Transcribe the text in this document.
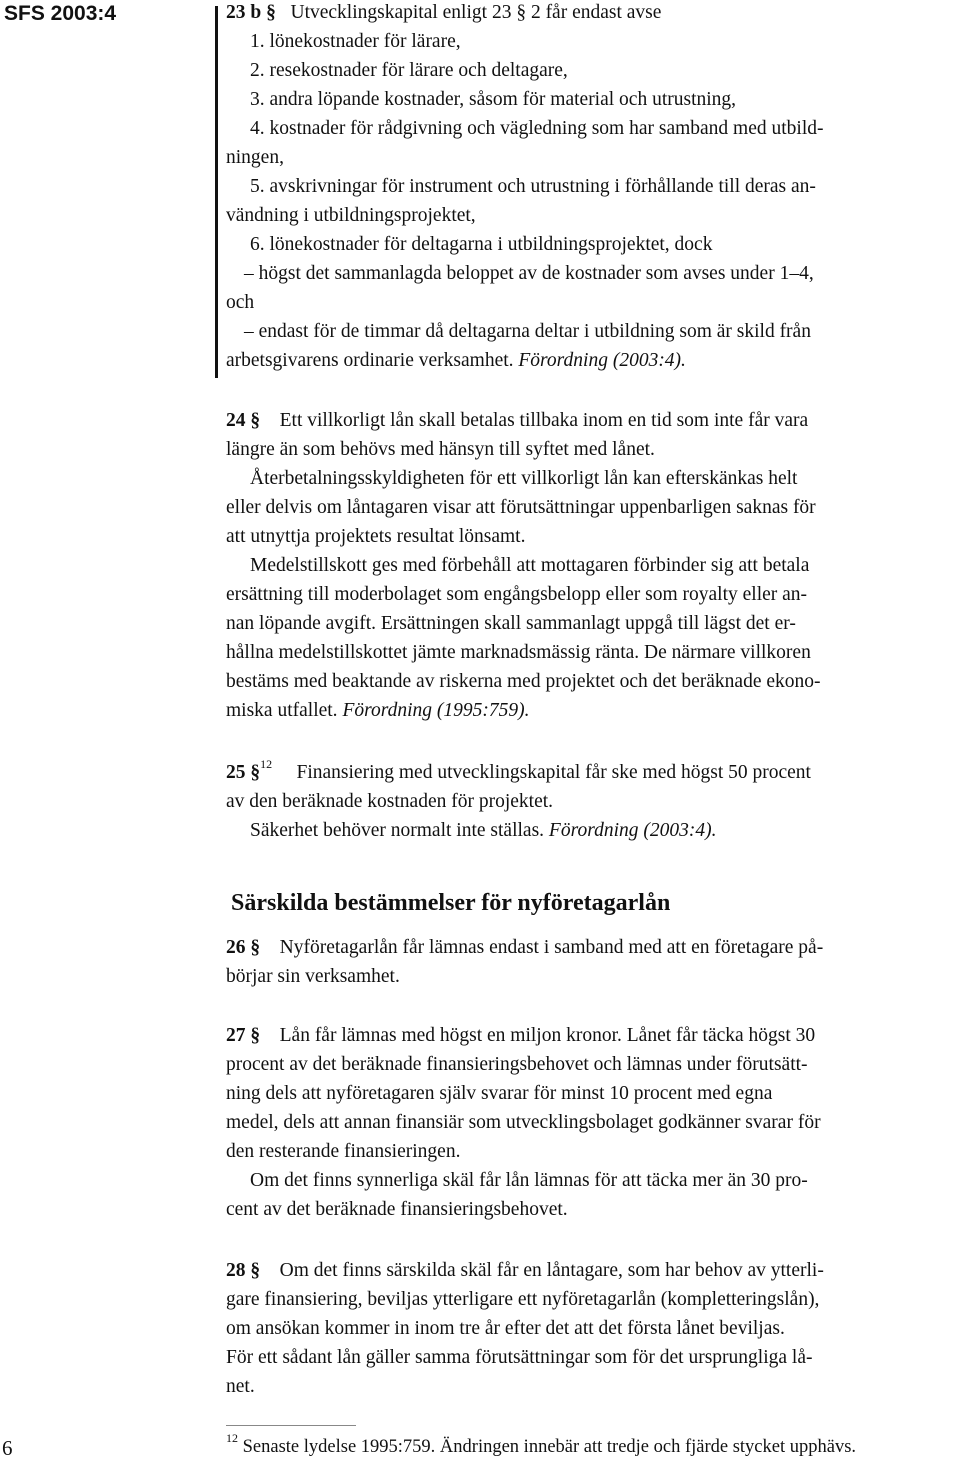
SFS 2003:4
6
23 b § Utvecklingskapital enligt 23 § 2 får endast avse
1. lönekostnader för lärare,
2. resekostnader för lärare och deltagare,
3. andra löpande kostnader, såsom för material och utrustning,
4. kostnader för rådgivning och vägledning som har samband med utbild-
ningen,
5. avskrivningar för instrument och utrustning i förhållande till deras an-
vändning i utbildningsprojektet,
6. lönekostnader för deltagarna i utbildningsprojektet, dock
– högst det sammanlagda beloppet av de kostnader som avses under 1–4,
och
– endast för de timmar då deltagarna deltar i utbildning som är skild från
arbetsgivarens ordinarie verksamhet. Förordning (2003:4).
24 § Ett villkorligt lån skall betalas tillbaka inom en tid som inte får vara
längre än som behövs med hänsyn till syftet med lånet.
Återbetalningsskyldigheten för ett villkorligt lån kan efterskänkas helt
eller delvis om låntagaren visar att förutsättningar uppenbarligen saknas för
att utnyttja projektets resultat lönsamt.
Medelstillskott ges med förbehåll att mottagaren förbinder sig att betala
ersättning till moderbolaget som engångsbelopp eller som royalty eller an-
nan löpande avgift. Ersättningen skall sammanlagt uppgå till lägst det er-
hållna medelstillskottet jämte marknadsmässig ränta. De närmare villkoren
bestäms med beaktande av riskerna med projektet och det beräknade ekono-
miska utfallet. Förordning (1995:759).
25 §$^{12}$ Finansiering med utvecklingskapital får ske med högst 50 procent
av den beräknade kostnaden för projektet.
Säkerhet behöver normalt inte ställas. Förordning (2003:4).
Särskilda bestämmelser för nyföretagarlån
26 § Nyföretagarlån får lämnas endast i samband med att en företagare på-
börjar sin verksamhet.
27 § Lån får lämnas med högst en miljon kronor. Lånet får täcka högst 30
procent av det beräknade finansieringsbehovet och lämnas under förutsätt-
ning dels att nyföretagaren själv svarar för minst 10 procent med egna
medel, dels att annan finansiär som utvecklingsbolaget godkänner svarar för
den resterande finansieringen.
Om det finns synnerliga skäl får lån lämnas för att täcka mer än 30 pro-
cent av det beräknade finansieringsbehovet.
28 § Om det finns särskilda skäl får en låntagare, som har behov av ytterli-
gare finansiering, beviljas ytterligare ett nyföretagarlån (kompletteringslån),
om ansökan kommer in inom tre år efter det att det första lånet beviljas.
För ett sådant lån gäller samma förutsättningar som för det ursprungliga lå-
net.
$^{12}$ Senaste lydelse 1995:759. Ändringen innebär att tredje och fjärde stycket upphävs.
